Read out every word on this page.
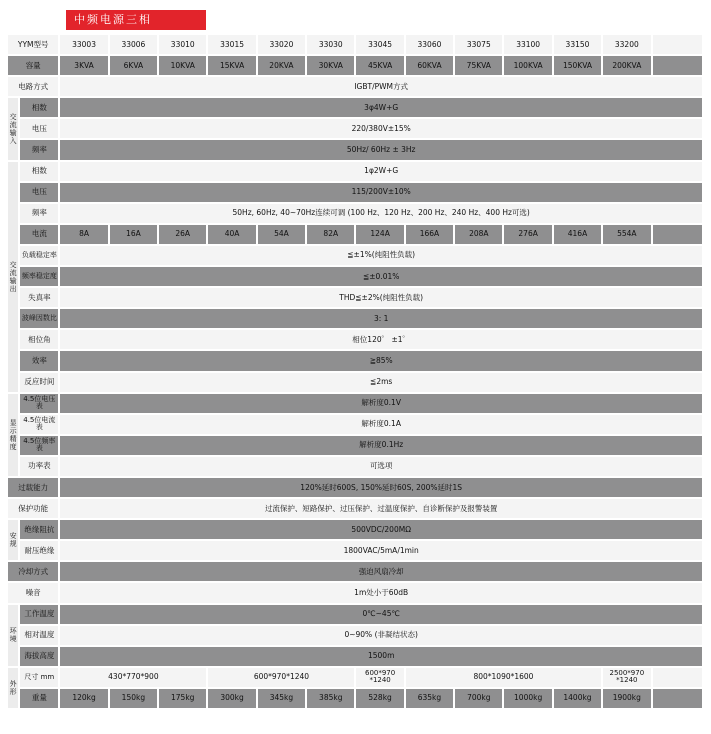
中频电源三相
YYM型号		33003	33006	33010	33015	33020	33030	33045	33060	33075	33100	33150	33200	
容量		3KVA	6KVA	10KVA	15KVA	20KVA	30KVA	45KVA	60KVA	75KVA	100KVA	150KVA	200KVA	
电路方式		IGBT/PWM方式												
交流输入	相数	3φ4W+G												
	电压	220/380V±15%												
	频率	50Hz/ 60Hz ± 3Hz												
交流输出	相数	1φ2W+G												
	电压	115/200V±10%												
	频率	50Hz, 60Hz, 40~70Hz连续可调 (100 Hz、120 Hz、200 Hz、240 Hz、400 Hz可选)												
	电流	8A	16A	26A	40A	54A	82A	124A	166A	208A	276A	416A	554A	
	负载稳定率	≦±1%(纯阻性负载)												
	频率稳定度	≦±0.01%												
	失真率	THD≦±2%(纯阻性负载)												
	波峰因数比	3: 1												
	相位角	相位120゜ ±1゜												
	效率	≧85%												
	反应时间	≦2ms												
显示精度	4.5位电压表	解析度0.1V												
	4.5位电流表	解析度0.1A												
	4.5位频率表	解析度0.1Hz												
	功率表	可选项												
过载能力		120%延时600S, 150%延时60S, 200%延时1S												
保护功能		过流保护、短路保护、过压保护、过温度保护、自诊断保护及报警装置												
安规	绝缘阻抗	500VDC/200MΩ												
	耐压绝缘	1800VAC/5mA/1min												
冷却方式		强迫风扇冷却												
噪音		1m处小于60dB												
环境	工作温度	0℃~45℃												
	相对温度	0~90% (非凝结状态)												
	海拔高度	1500m												
外形	尺寸 mm	430*770*900			600*970*1240			600*970 *1240	800*1090*1600				2500*970 *1240	
	重量	120kg	150kg	175kg	300kg	345kg	385kg	528kg	635kg	700kg	1000kg	1400kg	1900kg	
